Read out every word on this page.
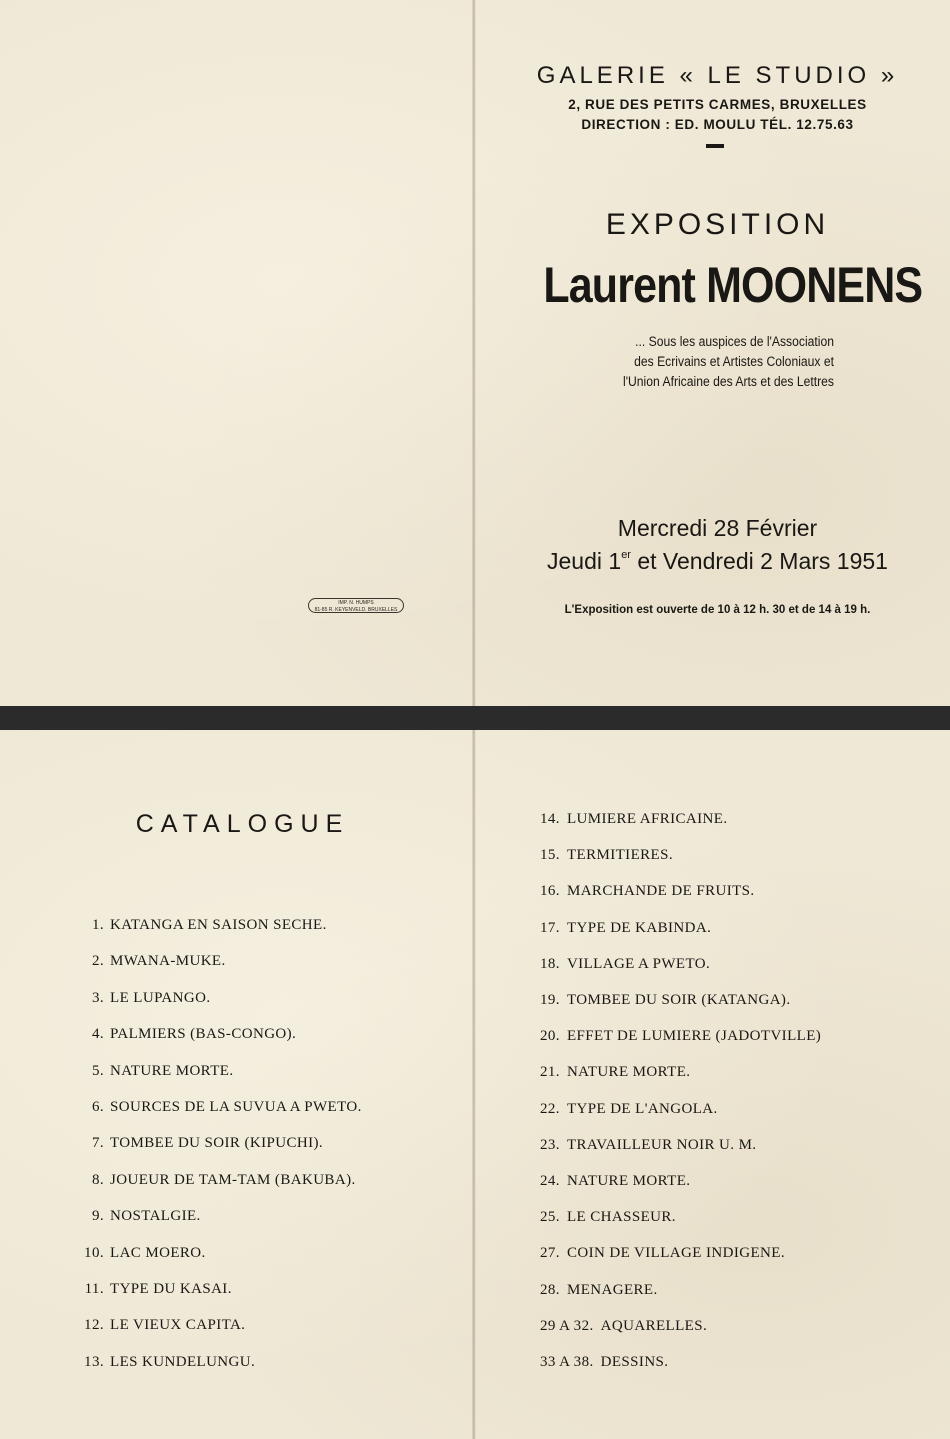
GALERIE « LE STUDIO »
2, RUE DES PETITS CARMES, BRUXELLES
DIRECTION : ED. MOULU TÉL. 12.75.63
EXPOSITION
Laurent MOONENS
... Sous les auspices de l'Association
des Ecrivains et Artistes Coloniaux et
l'Union Africaine des Arts et des Lettres
Mercredi 28 Février
Jeudi 1er et Vendredi 2 Mars 1951
L'Exposition est ouverte de 10 à 12 h. 30 et de 14 à 19 h.
IMP. N. HUMPS
81-85 R. KEYENVELD. BRUXELLES
CATALOGUE
1. KATANGA EN SAISON SECHE.
2. MWANA-MUKE.
3. LE LUPANGO.
4. PALMIERS (BAS-CONGO).
5. NATURE MORTE.
6. SOURCES DE LA SUVUA A PWETO.
7. TOMBEE DU SOIR (KIPUCHI).
8. JOUEUR DE TAM-TAM (BAKUBA).
9. NOSTALGIE.
10. LAC MOERO.
11. TYPE DU KASAI.
12. LE VIEUX CAPITA.
13. LES KUNDELUNGU.
14. LUMIERE AFRICAINE.
15. TERMITIERES.
16. MARCHANDE DE FRUITS.
17. TYPE DE KABINDA.
18. VILLAGE A PWETO.
19. TOMBEE DU SOIR (KATANGA).
20. EFFET DE LUMIERE (JADOTVILLE)
21. NATURE MORTE.
22. TYPE DE L'ANGOLA.
23. TRAVAILLEUR NOIR U. M.
24. NATURE MORTE.
25. LE CHASSEUR.
27. COIN DE VILLAGE INDIGENE.
28. MENAGERE.
29 A 32. AQUARELLES.
33 A 38. DESSINS.
